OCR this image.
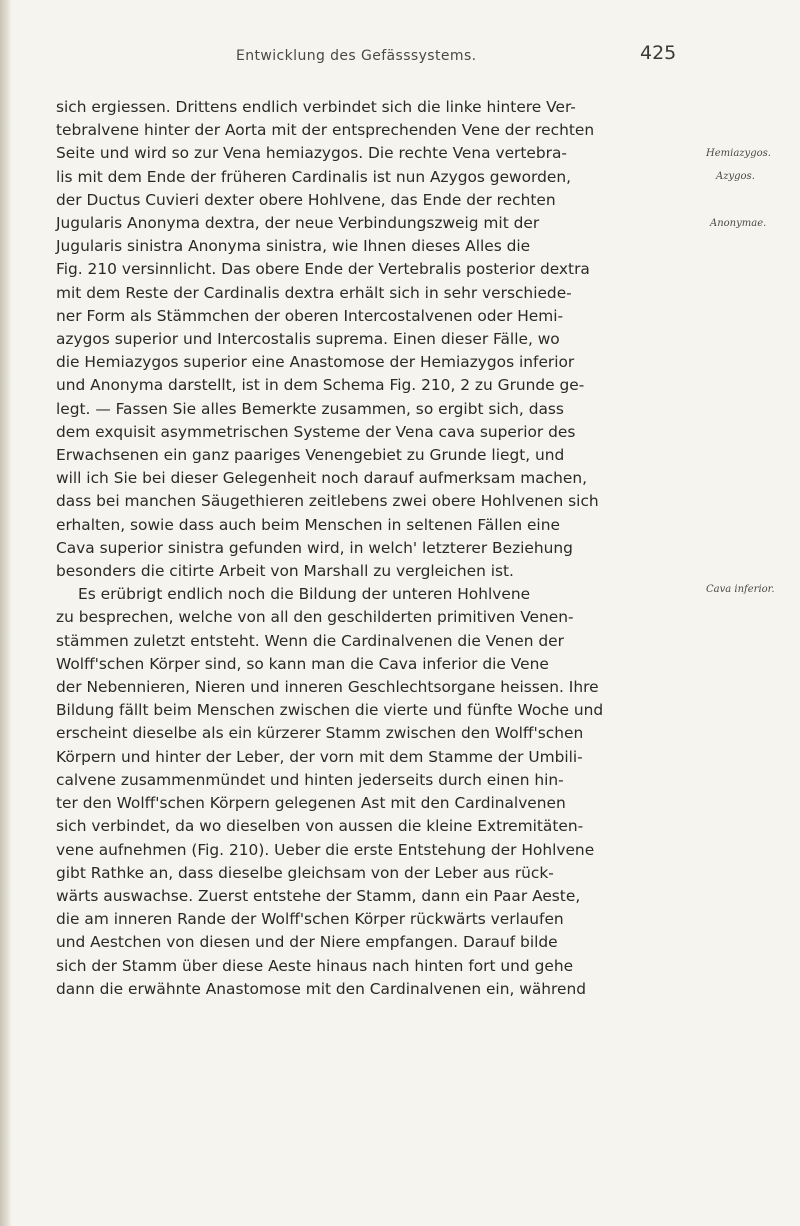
Entwicklung des Gefässsystems.	425
sich ergiessen. Drittens endlich verbindet sich die linke hintere Ver-
tebralvene hinter der Aorta mit der entsprechenden Vene der rechten
Seite und wird so zur Vena hemiazygos. Die rechte Vena vertebra-
lis mit dem Ende der früheren Cardinalis ist nun Azygos geworden,
der Ductus Cuvieri dexter obere Hohlvene, das Ende der rechten
Jugularis Anonyma dextra, der neue Verbindungszweig mit der
Jugularis sinistra Anonyma sinistra, wie Ihnen dieses Alles die
Fig. 210 versinnlicht. Das obere Ende der Vertebralis posterior dextra
mit dem Reste der Cardinalis dextra erhält sich in sehr verschiede-
ner Form als Stämmchen der oberen Intercostalvenen oder Hemi-
azygos superior und Intercostalis suprema. Einen dieser Fälle, wo
die Hemiazygos superior eine Anastomose der Hemiazygos inferior
und Anonyma darstellt, ist in dem Schema Fig. 210, 2 zu Grunde ge-
legt. — Fassen Sie alles Bemerkte zusammen, so ergibt sich, dass
dem exquisit asymmetrischen Systeme der Vena cava superior des
Erwachsenen ein ganz paariges Venengebiet zu Grunde liegt, und
will ich Sie bei dieser Gelegenheit noch darauf aufmerksam machen,
dass bei manchen Säugethieren zeitlebens zwei obere Hohlvenen sich
erhalten, sowie dass auch beim Menschen in seltenen Fällen eine
Cava superior sinistra gefunden wird, in welch' letzterer Beziehung
besonders die citirte Arbeit von Marshall zu vergleichen ist.
Es erübrigt endlich noch die Bildung der unteren Hohlvene
zu besprechen, welche von all den geschilderten primitiven Venen-
stämmen zuletzt entsteht. Wenn die Cardinalvenen die Venen der
Wolff'schen Körper sind, so kann man die Cava inferior die Vene
der Nebennieren, Nieren und inneren Geschlechtsorgane heissen. Ihre
Bildung fällt beim Menschen zwischen die vierte und fünfte Woche und
erscheint dieselbe als ein kürzerer Stamm zwischen den Wolff'schen
Körpern und hinter der Leber, der vorn mit dem Stamme der Umbili-
calvene zusammenmündet und hinten jederseits durch einen hin-
ter den Wolff'schen Körpern gelegenen Ast mit den Cardinalvenen
sich verbindet, da wo dieselben von aussen die kleine Extremitäten-
vene aufnehmen (Fig. 210). Ueber die erste Entstehung der Hohlvene
gibt Rathke an, dass dieselbe gleichsam von der Leber aus rück-
wärts auswachse. Zuerst entstehe der Stamm, dann ein Paar Aeste,
die am inneren Rande der Wolff'schen Körper rückwärts verlaufen
und Aestchen von diesen und der Niere empfangen. Darauf bilde
sich der Stamm über diese Aeste hinaus nach hinten fort und gehe
dann die erwähnte Anastomose mit den Cardinalvenen ein, während
Hemiazygos.
Azygos.
Anonymae.
Cava inferior.
